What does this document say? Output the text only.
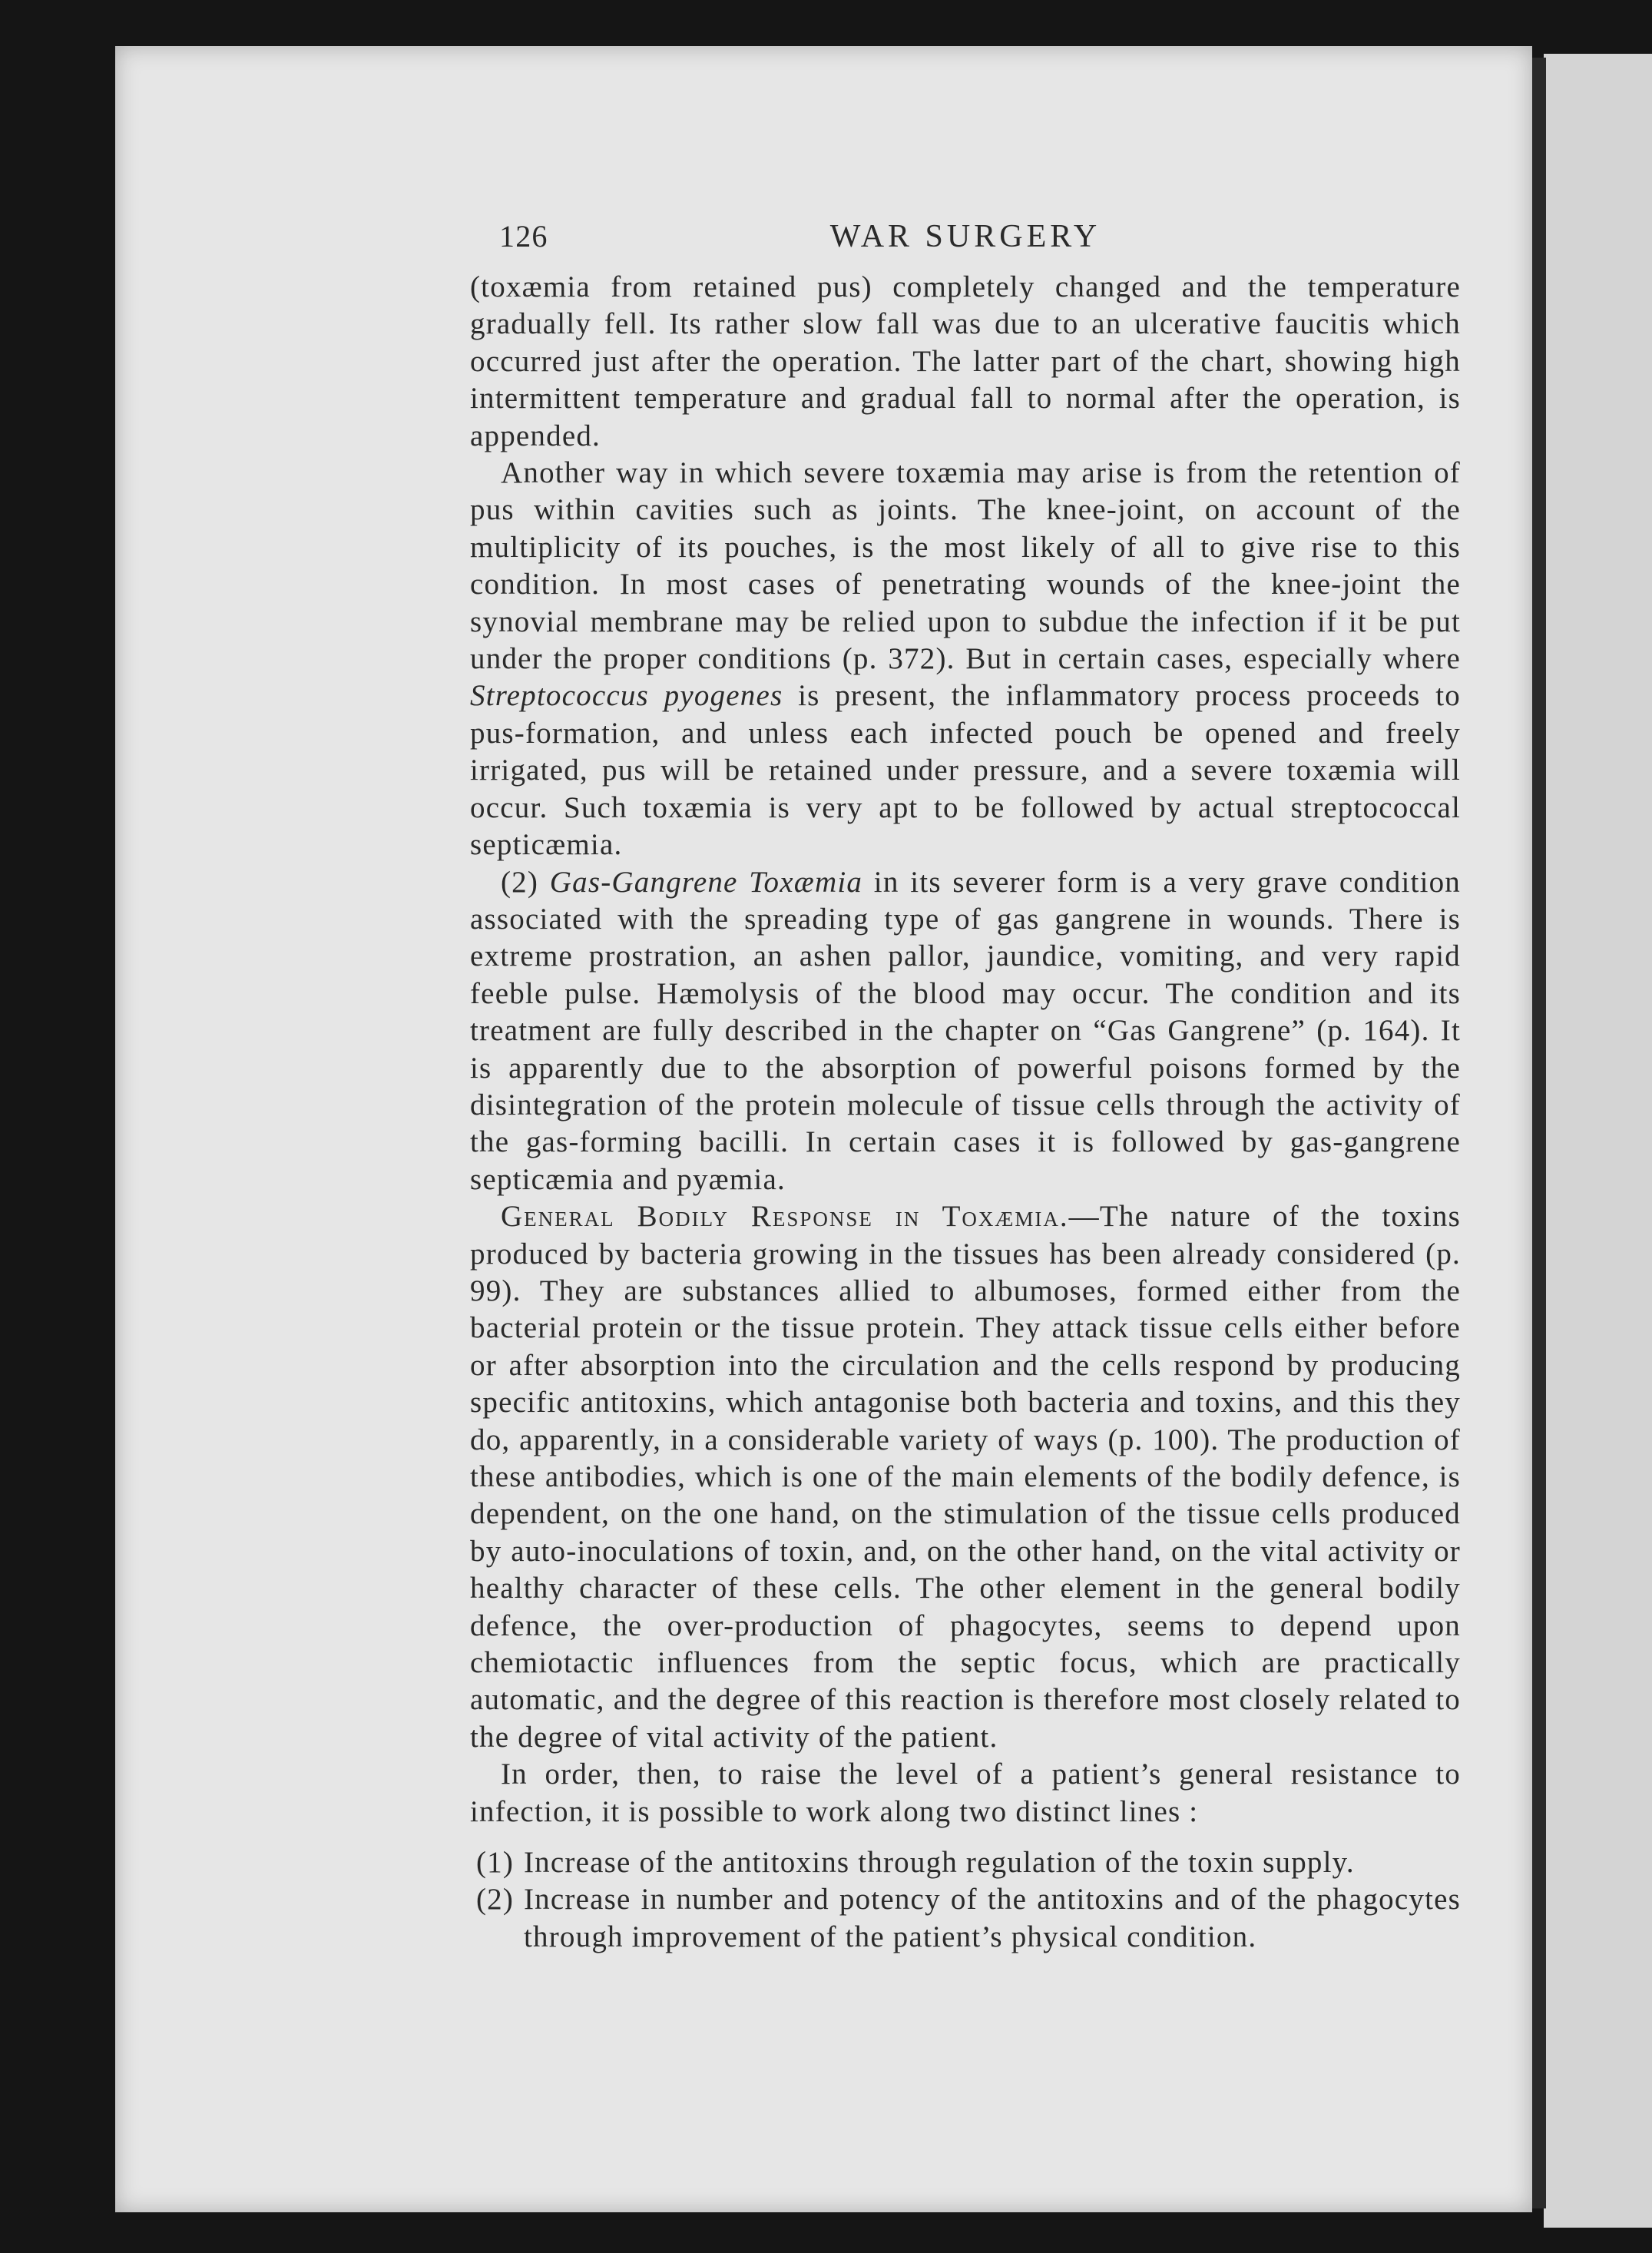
126	WAR SURGERY

(toxæmia from retained pus) completely changed and the temperature gradually fell. Its rather slow fall was due to an ulcerative faucitis which occurred just after the operation. The latter part of the chart, showing high intermittent temperature and gradual fall to normal after the operation, is appended.

Another way in which severe toxæmia may arise is from the retention of pus within cavities such as joints. The knee-joint, on account of the multiplicity of its pouches, is the most likely of all to give rise to this condition. In most cases of penetrating wounds of the knee-joint the synovial membrane may be relied upon to subdue the infection if it be put under the proper conditions (p. 372). But in certain cases, especially where Streptococcus pyogenes is present, the inflammatory process proceeds to pus-formation, and unless each infected pouch be opened and freely irrigated, pus will be retained under pressure, and a severe toxæmia will occur. Such toxæmia is very apt to be followed by actual streptococcal septicæmia.

(2) Gas-Gangrene Toxæmia in its severer form is a very grave condition associated with the spreading type of gas gangrene in wounds. There is extreme prostration, an ashen pallor, jaundice, vomiting, and very rapid feeble pulse. Hæmolysis of the blood may occur. The condition and its treatment are fully described in the chapter on “Gas Gangrene” (p. 164). It is apparently due to the absorption of powerful poisons formed by the disintegration of the protein molecule of tissue cells through the activity of the gas-forming bacilli. In certain cases it is followed by gas-gangrene septicæmia and pyæmia.

General Bodily Response in Toxæmia.—The nature of the toxins produced by bacteria growing in the tissues has been already considered (p. 99). They are substances allied to albumoses, formed either from the bacterial protein or the tissue protein. They attack tissue cells either before or after absorption into the circulation and the cells respond by producing specific antitoxins, which antagonise both bacteria and toxins, and this they do, apparently, in a considerable variety of ways (p. 100). The production of these antibodies, which is one of the main elements of the bodily defence, is dependent, on the one hand, on the stimulation of the tissue cells produced by auto-inoculations of toxin, and, on the other hand, on the vital activity or healthy character of these cells. The other element in the general bodily defence, the over-production of phagocytes, seems to depend upon chemiotactic influences from the septic focus, which are practically automatic, and the degree of this reaction is therefore most closely related to the degree of vital activity of the patient.

In order, then, to raise the level of a patient’s general resistance to infection, it is possible to work along two distinct lines :

(1) Increase of the antitoxins through regulation of the toxin supply.
(2) Increase in number and potency of the antitoxins and of the phagocytes through improvement of the patient’s physical condition.
